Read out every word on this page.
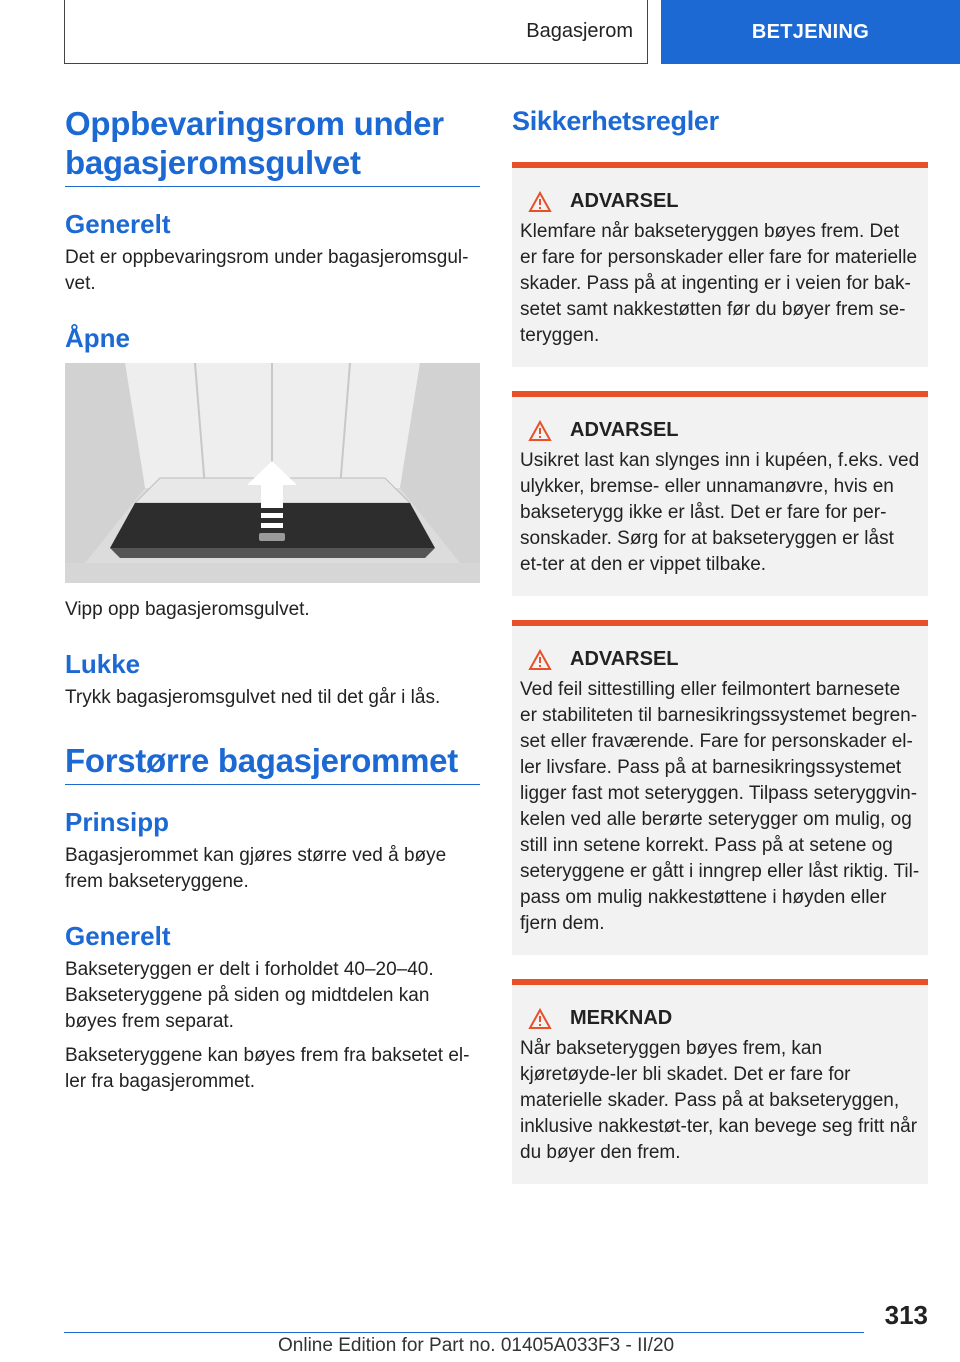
Bagasjerom	BETJENING
Oppbevaringsrom under bagasjeromsgulvet
Generelt
Det er oppbevaringsrom under bagasjeromsgul-vet.
Åpne
Vipp opp bagasjeromsgulvet.
Lukke
Trykk bagasjeromsgulvet ned til det går i lås.
Forstørre bagasjerommet
Prinsipp
Bagasjerommet kan gjøres større ved å bøye frem bakseteryggene.
Generelt
Bakseteryggen er delt i forholdet 40–20–40. Bakseteryggene på siden og midtdelen kan bøyes frem separat.
Bakseteryggene kan bøyes frem fra baksetet el-ler fra bagasjerommet.
Sikkerhetsregler
ADVARSEL
Klemfare når bakseteryggen bøyes frem. Det er fare for personskader eller fare for materielle skader. Pass på at ingenting er i veien for bak-setet samt nakkestøtten før du bøyer frem se-teryggen.
ADVARSEL
Usikret last kan slynges inn i kupéen, f.eks. ved ulykker, bremse- eller unnamanøvre, hvis en bakseterygg ikke er låst. Det er fare for per-sonskader. Sørg for at bakseteryggen er låst et-ter at den er vippet tilbake.
ADVARSEL
Ved feil sittestilling eller feilmontert barnesete er stabiliteten til barnesikringssystemet begren-set eller fraværende. Fare for personskader el-ler livsfare. Pass på at barnesikringssystemet ligger fast mot seteryggen. Tilpass seteryggvin-kelen ved alle berørte seterygger om mulig, og still inn setene korrekt. Pass på at setene og seteryggene er gått i inngrep eller låst riktig. Til-pass om mulig nakkestøttene i høyden eller fjern dem.
MERKNAD
Når bakseteryggen bøyes frem, kan kjøretøyde-ler bli skadet. Det er fare for materielle skader. Pass på at bakseteryggen, inklusive nakkestøt-ter, kan bevege seg fritt når du bøyer den frem.
313
Online Edition for Part no. 01405A033F3 - II/20
